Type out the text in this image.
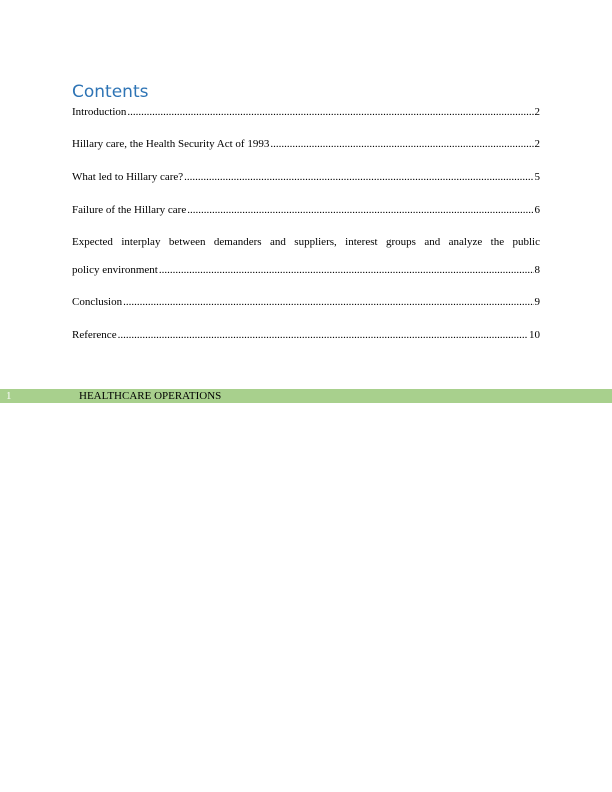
Contents
Introduction .....	2
Hillary care, the Health Security Act of 1993 .....	2
What led to Hillary care? .....	5
Failure of the Hillary care .....	6
Expected interplay between demanders and suppliers, interest groups and analyze the public
policy environment .....	8
Conclusion .....	9
Reference .....	10
1	HEALTHCARE OPERATIONS
